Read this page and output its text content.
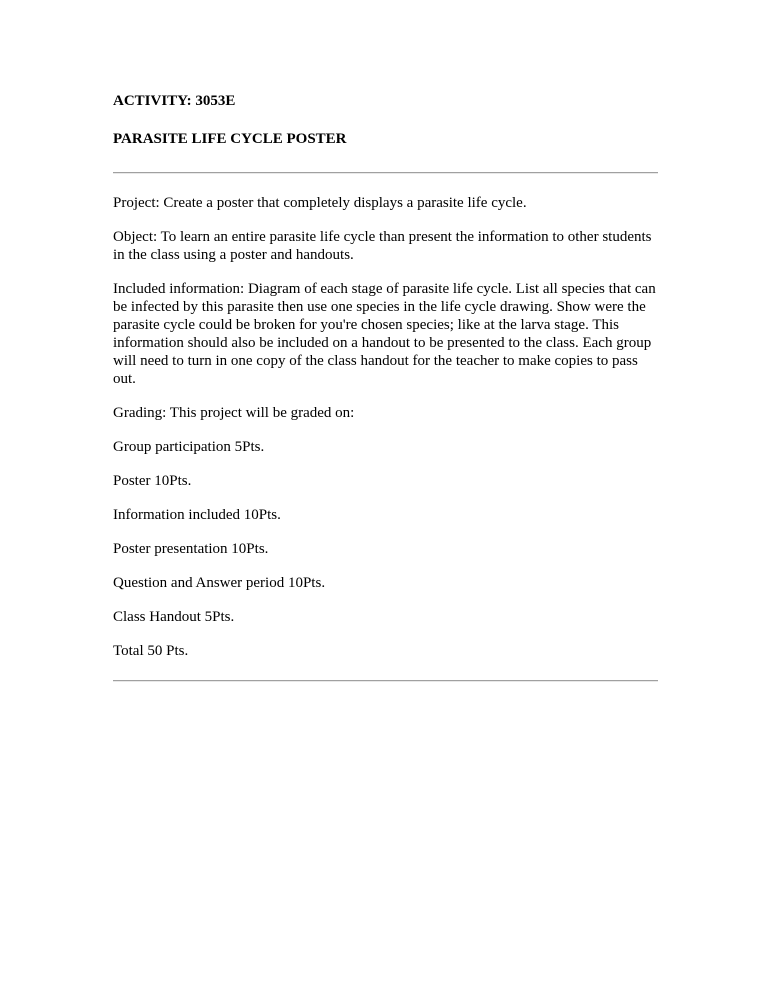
ACTIVITY: 3053E

PARASITE LIFE CYCLE POSTER

Project: Create a poster that completely displays a parasite life cycle.

Object: To learn an entire parasite life cycle than present the information to other students in the class using a poster and handouts.

Included information: Diagram of each stage of parasite life cycle. List all species that can be infected by this parasite then use one species in the life cycle drawing. Show were the parasite cycle could be broken for you're chosen species; like at the larva stage. This information should also be included on a handout to be presented to the class. Each group will need to turn in one copy of the class handout for the teacher to make copies to pass out.

Grading: This project will be graded on:

Group participation 5Pts.
Poster 10Pts.
Information included 10Pts.
Poster presentation 10Pts.
Question and Answer period 10Pts.
Class Handout 5Pts.
Total 50 Pts.
